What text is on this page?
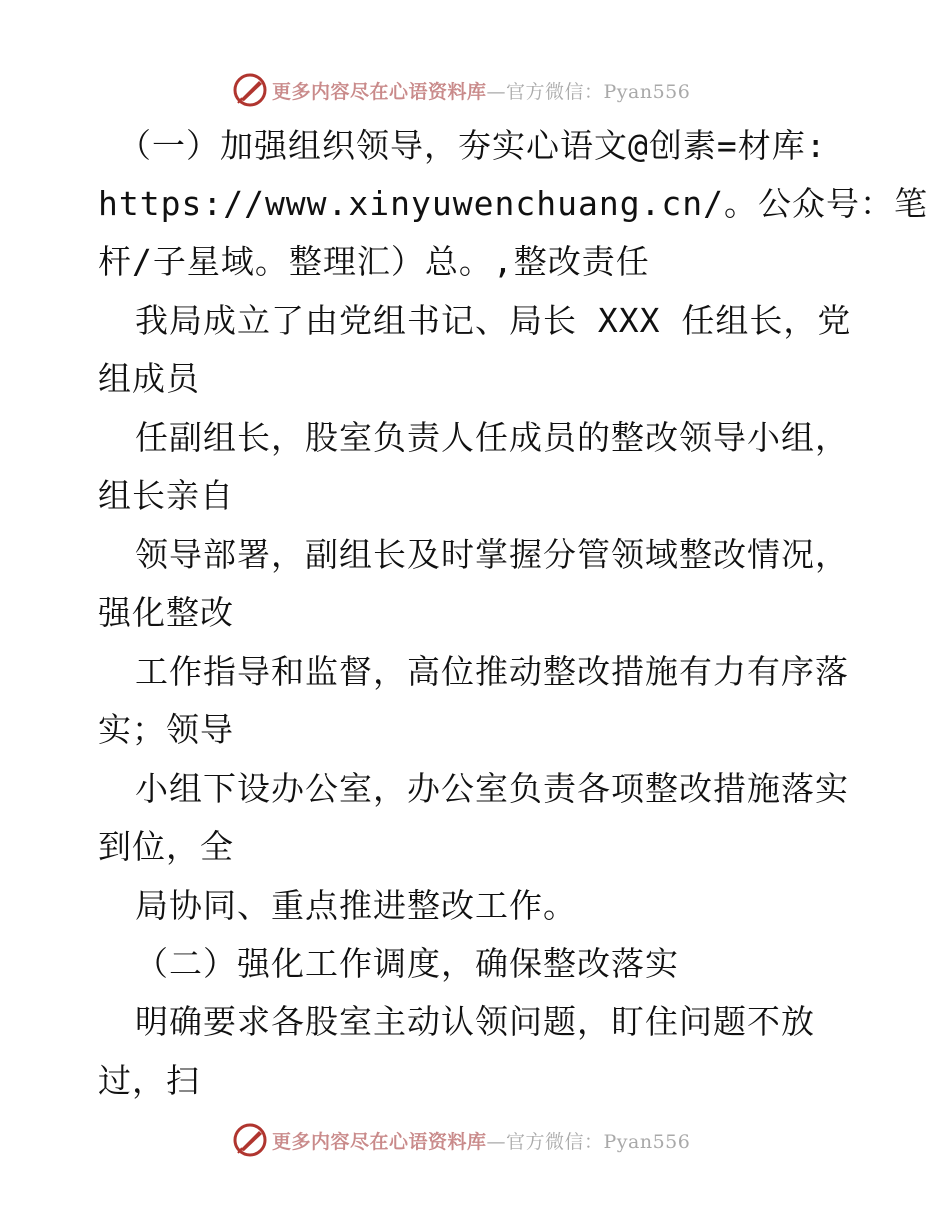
更多内容尽在心语资料库—官方微信：Pyan556

（一）加强组织领导，夯实心语文@创素=材库:

https://www.xinyuwenchuang.cn/。公众号：笔

杆/子星域。整理汇）总。,整改责任

我局成立了由党组书记、局长 XXX 任组长，党

组成员

任副组长，股室负责人任成员的整改领导小组，

组长亲自

领导部署，副组长及时掌握分管领域整改情况，

强化整改

工作指导和监督，高位推动整改措施有力有序落

实；领导

小组下设办公室，办公室负责各项整改措施落实

到位，全

局协同、重点推进整改工作。

（二）强化工作调度，确保整改落实

明确要求各股室主动认领问题，盯住问题不放

过，扫

更多内容尽在心语资料库—官方微信：Pyan556
